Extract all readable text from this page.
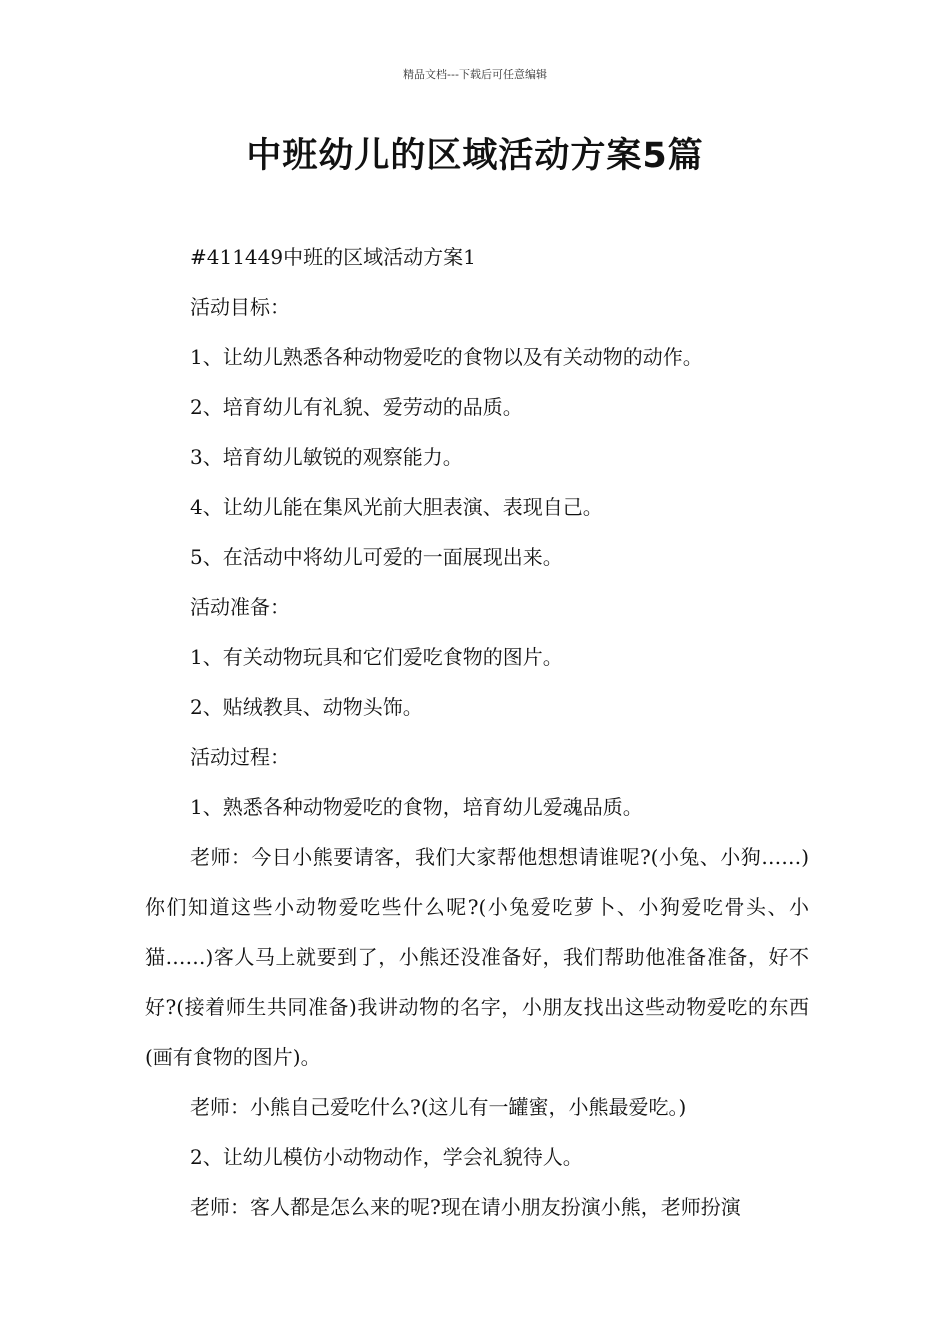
精品文档---下载后可任意编辑
中班幼儿的区域活动方案5篇

#411449中班的区域活动方案1

活动目标：

1、让幼儿熟悉各种动物爱吃的食物以及有关动物的动作。

2、培育幼儿有礼貌、爱劳动的品质。

3、培育幼儿敏锐的观察能力。

4、让幼儿能在集风光前大胆表演、表现自己。

5、在活动中将幼儿可爱的一面展现出来。

活动准备：

1、有关动物玩具和它们爱吃食物的图片。

2、贴绒教具、动物头饰。

活动过程：

1、熟悉各种动物爱吃的食物，培育幼儿爱魂品质。

老师：今日小熊要请客，我们大家帮他想想请谁呢?(小兔、小狗……)你们知道这些小动物爱吃些什么呢?(小兔爱吃萝卜、小狗爱吃骨头、小猫……)客人马上就要到了，小熊还没准备好，我们帮助他准备准备，好不好?(接着师生共同准备)我讲动物的名字，小朋友找出这些动物爱吃的东西(画有食物的图片)。

老师：小熊自己爱吃什么?(这儿有一罐蜜，小熊最爱吃。)

2、让幼儿模仿小动物动作，学会礼貌待人。

老师：客人都是怎么来的呢?现在请小朋友扮演小熊，老师扮演
